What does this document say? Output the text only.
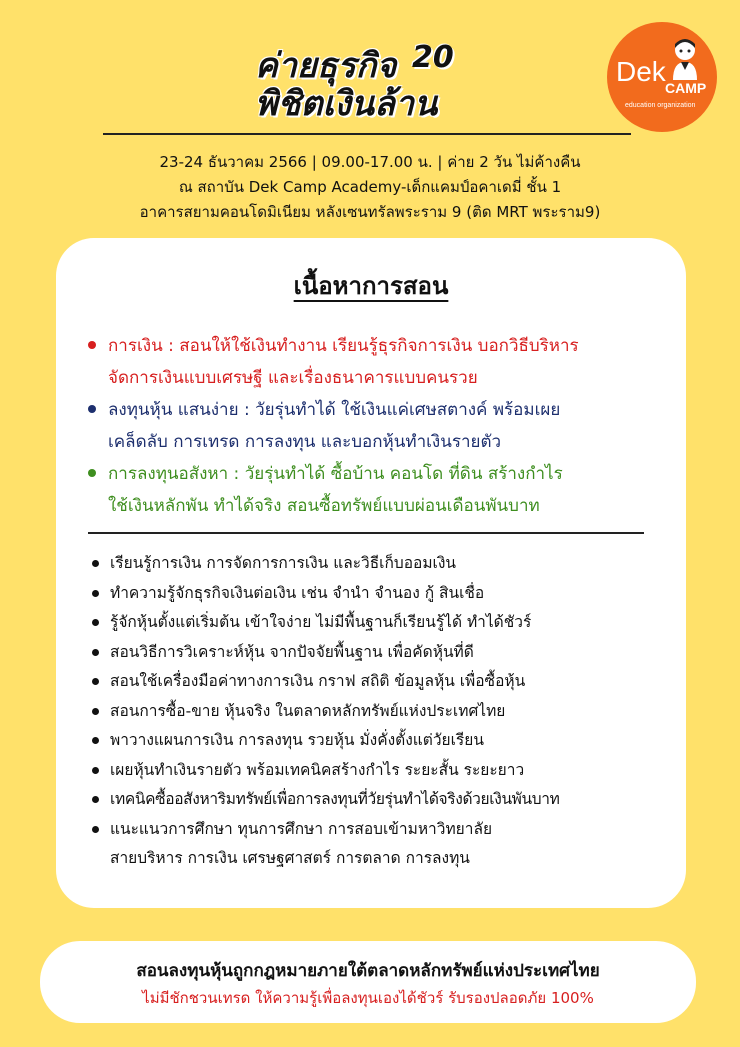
ค่ายธุรกิจ 20
พิชิตเงินล้าน
Dek
CAMP
education organization
23-24 ธันวาคม 2566 | 09.00-17.00 น. | ค่าย 2 วัน ไม่ค้างคืน
ณ สถาบัน Dek Camp Academy-เด็กแคมป์อคาเดมี่ ชั้น 1
อาคารสยามคอนโดมิเนียม หลังเซนทรัลพระราม 9 (ติด MRT พระราม9)
เนื้อหาการสอน
การเงิน : สอนให้ใช้เงินทำงาน เรียนรู้ธุรกิจการเงิน บอกวิธีบริหาร
จัดการเงินแบบเศรษฐี และเรื่องธนาคารแบบคนรวย
ลงทุนหุ้น แสนง่าย : วัยรุ่นทำได้ ใช้เงินแค่เศษสตางค์ พร้อมเผย
เคล็ดลับ การเทรด การลงทุน และบอกหุ้นทำเงินรายตัว
การลงทุนอสังหา : วัยรุ่นทำได้ ซื้อบ้าน คอนโด ที่ดิน สร้างกำไร
ใช้เงินหลักพัน ทำได้จริง สอนซื้อทรัพย์แบบผ่อนเดือนพันบาท
เรียนรู้การเงิน การจัดการการเงิน และวิธีเก็บออมเงิน
ทำความรู้จักธุรกิจเงินต่อเงิน เช่น จำนำ จำนอง กู้ สินเชื่อ
รู้จักหุ้นตั้งแต่เริ่มต้น เข้าใจง่าย ไม่มีพื้นฐานก็เรียนรู้ได้ ทำได้ชัวร์
สอนวิธีการวิเคราะห์หุ้น จากปัจจัยพื้นฐาน เพื่อคัดหุ้นที่ดี
สอนใช้เครื่องมือค่าทางการเงิน กราฟ สถิติ ข้อมูลหุ้น เพื่อซื้อหุ้น
สอนการซื้อ-ขาย หุ้นจริง ในตลาดหลักทรัพย์แห่งประเทศไทย
พาวางแผนการเงิน การลงทุน รวยหุ้น มั่งคั่งตั้งแต่วัยเรียน
เผยหุ้นทำเงินรายตัว พร้อมเทคนิคสร้างกำไร ระยะสั้น ระยะยาว
เทคนิคซื้ออสังหาริมทรัพย์เพื่อการลงทุนที่วัยรุ่นทำได้จริงด้วยเงินพันบาท
แนะแนวการศึกษา ทุนการศึกษา การสอบเข้ามหาวิทยาลัย
สายบริหาร การเงิน เศรษฐศาสตร์ การตลาด การลงทุน
สอนลงทุนหุ้นถูกกฎหมายภายใต้ตลาดหลักทรัพย์แห่งประเทศไทย
ไม่มีชักชวนเทรด ให้ความรู้เพื่อลงทุนเองได้ชัวร์ รับรองปลอดภัย 100%
